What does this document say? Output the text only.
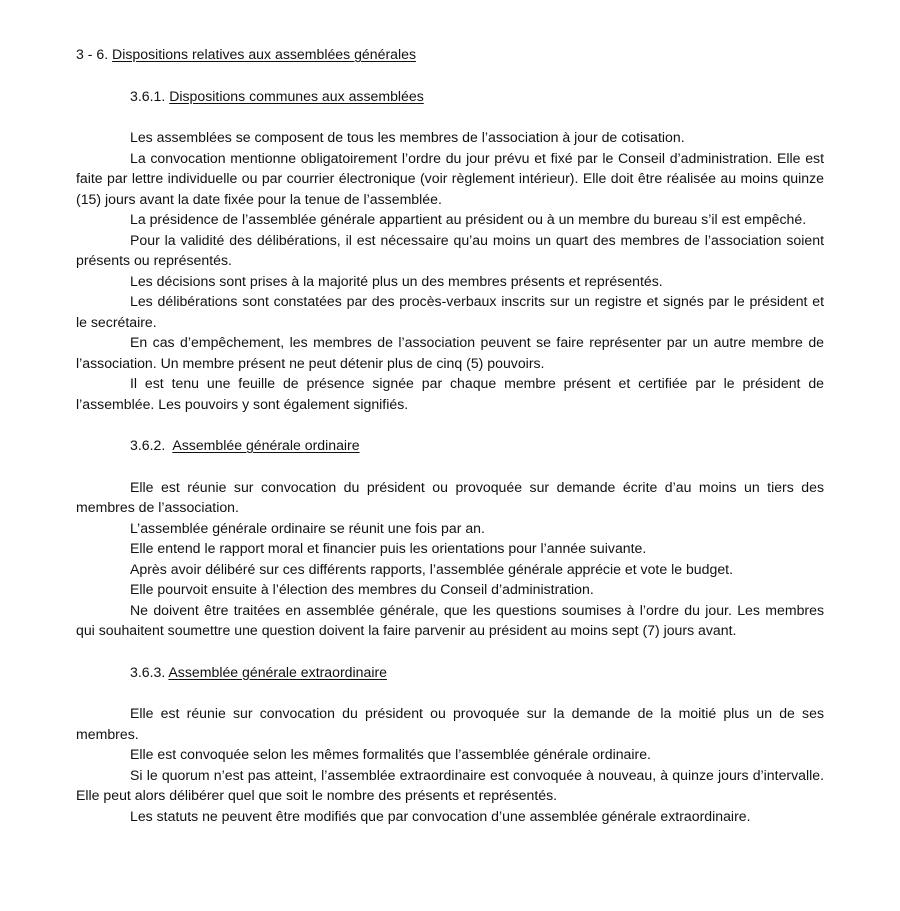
3 - 6. Dispositions relatives aux assemblées générales
3.6.1. Dispositions communes aux assemblées

Les assemblées se composent de tous les membres de l’association à jour de cotisation.

La convocation mentionne obligatoirement l’ordre du jour prévu et fixé par le Conseil d’administration. Elle est faite par lettre individuelle ou par courrier électronique (voir règlement intérieur). Elle doit être réalisée au moins quinze (15) jours avant la date fixée pour la tenue de l’assemblée.

La présidence de l’assemblée générale appartient au président ou à un membre du bureau s’il est empêché.

Pour la validité des délibérations, il est nécessaire qu’au moins un quart des membres de l’association soient présents ou représentés.

Les décisions sont prises à la majorité plus un des membres présents et représentés.

Les délibérations sont constatées par des procès-verbaux inscrits sur un registre et signés par le président et le secrétaire.

En cas d’empêchement, les membres de l’association peuvent se faire représenter par un autre membre de l’association. Un membre présent ne peut détenir plus de cinq (5) pouvoirs.

Il est tenu une feuille de présence signée par chaque membre présent et certifiée par le président de l’assemblée. Les pouvoirs y sont également signifiés.

3.6.2. Assemblée générale ordinaire

Elle est réunie sur convocation du président ou provoquée sur demande écrite d’au moins un tiers des membres de l’association.

L’assemblée générale ordinaire se réunit une fois par an.

Elle entend le rapport moral et financier puis les orientations pour l’année suivante.

Après avoir délibéré sur ces différents rapports, l’assemblée générale apprécie et vote le budget.

Elle pourvoit ensuite à l’élection des membres du Conseil d’administration.

Ne doivent être traitées en assemblée générale, que les questions soumises à l’ordre du jour. Les membres qui souhaitent soumettre une question doivent la faire parvenir au président au moins sept (7) jours avant.

3.6.3. Assemblée générale extraordinaire

Elle est réunie sur convocation du président ou provoquée sur la demande de la moitié plus un de ses membres.

Elle est convoquée selon les mêmes formalités que l’assemblée générale ordinaire.

Si le quorum n’est pas atteint, l’assemblée extraordinaire est convoquée à nouveau, à quinze jours d’intervalle. Elle peut alors délibérer quel que soit le nombre des présents et représentés.

Les statuts ne peuvent être modifiés que par convocation d’une assemblée générale extraordinaire.
